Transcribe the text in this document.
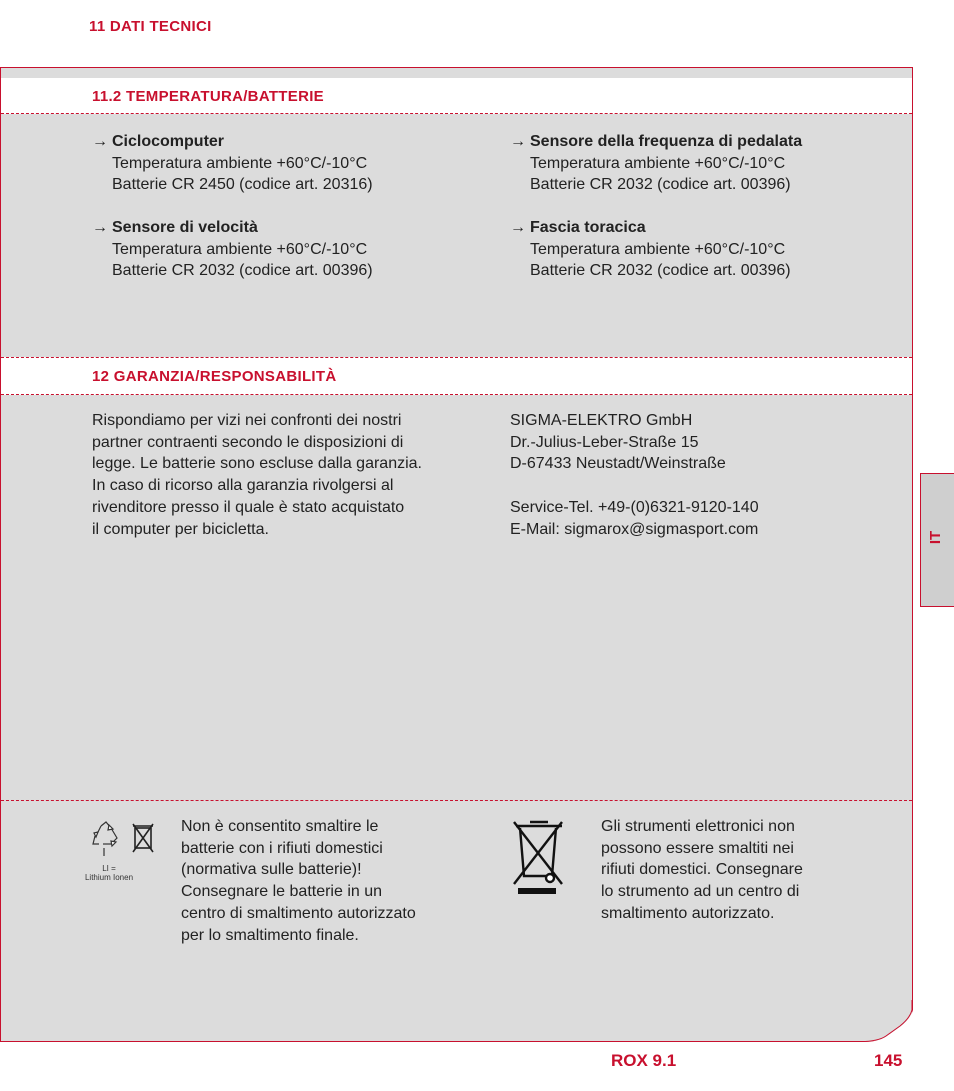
11 DATI TECNICI
11.2 TEMPERATURA/BATTERIE
→ Ciclocomputer
Temperatura ambiente +60°C/-10°C
Batterie CR 2450 (codice art. 20316)
→ Sensore di velocità
Temperatura ambiente +60°C/-10°C
Batterie CR 2032 (codice art. 00396)
→ Sensore della frequenza di pedalata
Temperatura ambiente +60°C/-10°C
Batterie CR 2032 (codice art. 00396)
→ Fascia toracica
Temperatura ambiente +60°C/-10°C
Batterie CR 2032 (codice art. 00396)
12 GARANZIA/RESPONSABILITÀ
Rispondiamo per vizi nei confronti dei nostri
partner contraenti secondo le disposizioni di
legge. Le batterie sono escluse dalla garanzia.
In caso di ricorso alla garanzia rivolgersi al
rivenditore presso il quale è stato acquistato
il computer per bicicletta.
SIGMA-ELEKTRO GmbH
Dr.-Julius-Leber-Straße 15
D-67433 Neustadt/Weinstraße
Service-Tel. +49-(0)6321-9120-140
E-Mail: sigmarox@sigmasport.com
Non è consentito smaltire le
batterie con i rifiuti domestici
(normativa sulle batterie)!
Consegnare le batterie in un
centro di smaltimento autorizzato
per lo smaltimento finale.
Gli strumenti elettronici non
possono essere smaltiti nei
rifiuti domestici. Consegnare
lo strumento ad un centro di
smaltimento autorizzato.
LI =
Lithium Ionen
IT
ROX 9.1	145
